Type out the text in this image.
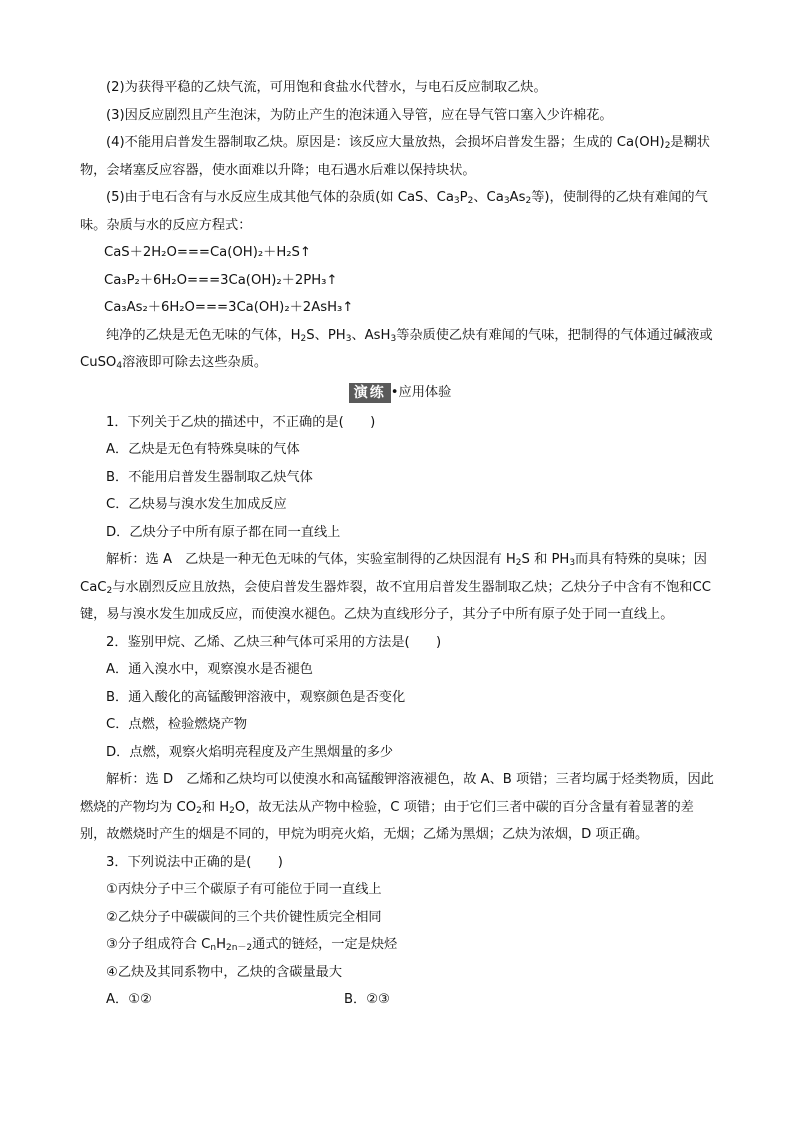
(2)为获得平稳的乙炔气流，可用饱和食盐水代替水，与电石反应制取乙炔。

(3)因反应剧烈且产生泡沫，为防止产生的泡沫通入导管，应在导气管口塞入少许棉花。

(4)不能用启普发生器制取乙炔。原因是：该反应大量放热，会损坏启普发生器；生成的 $Ca(OH)_2$是糊状物，会堵塞反应容器，使水面难以升降；电石遇水后难以保持块状。

(5)由于电石含有与水反应生成其他气体的杂质(如 CaS、$Ca_3P_2$、$Ca_3As_2$等)，使制得的乙炔有难闻的气味。杂质与水的反应方程式：

CaS＋2H₂O===Ca(OH)₂＋H₂S↑

Ca₃P₂＋6H₂O===3Ca(OH)₂＋2PH₃↑

Ca₃As₂＋6H₂O===3Ca(OH)₂＋2AsH₃↑

纯净的乙炔是无色无味的气体，$H_2S$、$PH_3$、AsH$_3$等杂质使乙炔有难闻的气味，把制得的气体通过碱液或 CuSO$_4$溶液即可除去这些杂质。

演练 •应用体验

1．下列关于乙炔的描述中，不正确的是(　　)

A．乙炔是无色有特殊臭味的气体

B．不能用启普发生器制取乙炔气体

C．乙炔易与溴水发生加成反应

D．乙炔分子中所有原子都在同一直线上

解析：选 A　乙炔是一种无色无味的气体，实验室制得的乙炔因混有 $H_2S$ 和 $PH_3$而具有特殊的臭味；因 CaC$_2$与水剧烈反应且放热，会使启普发生器炸裂，故不宜用启普发生器制取乙炔；乙炔分子中含有不饱和CC 键，易与溴水发生加成反应，而使溴水褪色。乙炔为直线形分子，其分子中所有原子处于同一直线上。

2．鉴别甲烷、乙烯、乙炔三种气体可采用的方法是(　　)

A．通入溴水中，观察溴水是否褪色

B．通入酸化的高锰酸钾溶液中，观察颜色是否变化

C．点燃，检验燃烧产物

D．点燃，观察火焰明亮程度及产生黑烟量的多少

解析：选 D　乙烯和乙炔均可以使溴水和高锰酸钾溶液褪色，故 A、B 项错；三者均属于烃类物质，因此燃烧的产物均为 $CO_2$和 $H_2O$，故无法从产物中检验，C 项错；由于它们三者中碳的百分含量有着显著的差别，故燃烧时产生的烟是不同的，甲烷为明亮火焰，无烟；乙烯为黑烟；乙炔为浓烟，D 项正确。

3．下列说法中正确的是(　　)

①丙炔分子中三个碳原子有可能位于同一直线上

②乙炔分子中碳碳间的三个共价键性质完全相同

③分子组成符合 $C_nH_{2n-2}$通式的链烃，一定是炔烃

④乙炔及其同系物中，乙炔的含碳量最大

A．①②	B．②③
